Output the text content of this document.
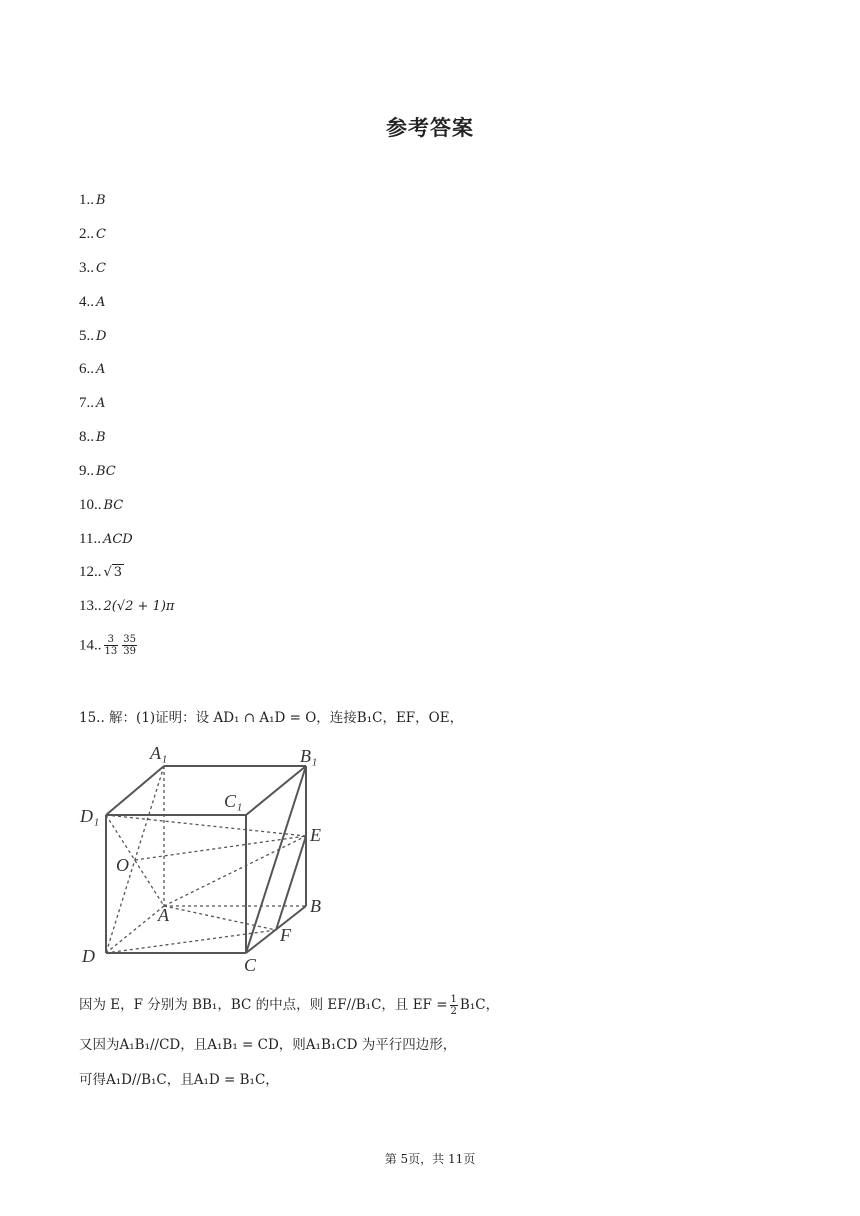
参考答案
1.. B
2.. C
3.. C
4.. A
5.. D
6.. A
7.. A
8.. B
9.. BC
10.. BC
11.. ACD
12.. √ 3
13.. 2(√2 + 1)π
14.. $\frac{3}{13} \frac{35}{39}$
15.. 解：(1)证明：设 AD₁ ∩ A₁D = O，连接B₁C，EF，OE，
A₁	B₁
C₁
D₁
E
O
A	B
F
C
D
因为 E，F 分别为 BB₁，BC 的中点，则 EF//B₁C，且 EF = $\frac{1}{2} B_1C$，
又因为A₁B₁//CD，且A₁B₁ = CD，则A₁B₁CD 为平行四边形，
可得A₁D//B₁C，且A₁D = B₁C，
第 5页，共 11页
